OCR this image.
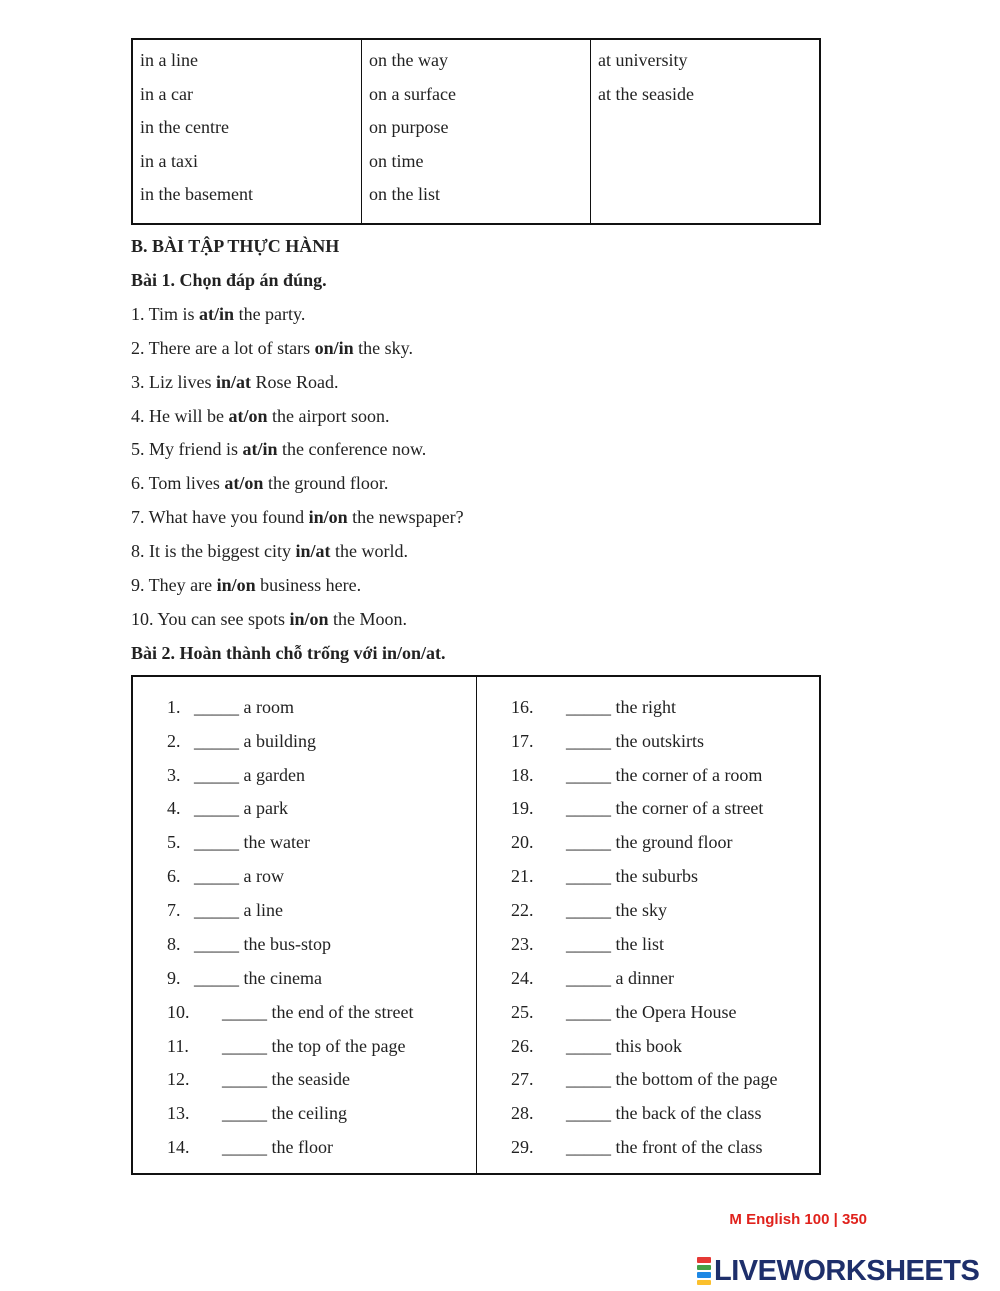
in a line
in a car
in the centre
in a taxi
in the basement
on the way
on a surface
on purpose
on time
on the list
at university
at the seaside
B. BÀI TẬP THỰC HÀNH
Bài 1. Chọn đáp án đúng.
1. Tim is at/in the party.
2. There are a lot of stars on/in the sky.
3. Liz lives in/at Rose Road.
4. He will be at/on the airport soon.
5. My friend is at/in the conference now.
6. Tom lives at/on the ground floor.
7. What have you found in/on the newspaper?
8. It is the biggest city in/at the world.
9. They are in/on business here.
10. You can see spots in/on the Moon.
Bài 2. Hoàn thành chỗ trống với in/on/at.
1. _____ a room
2. _____ a building
3. _____ a garden
4. _____ a park
5. _____ the water
6. _____ a row
7. _____ a line
8. _____ the bus-stop
9. _____ the cinema
10. _____ the end of the street
11. _____ the top of the page
12. _____ the seaside
13. _____ the ceiling
14. _____ the floor
16. _____ the right
17. _____ the outskirts
18. _____ the corner of a room
19. _____ the corner of a street
20. _____ the ground floor
21. _____ the suburbs
22. _____ the sky
23. _____ the list
24. _____ a dinner
25. _____ the Opera House
26. _____ this book
27. _____ the bottom of the page
28. _____ the back of the class
29. _____ the front of the class
M English 100 | 350
LIVEWORKSHEETS
